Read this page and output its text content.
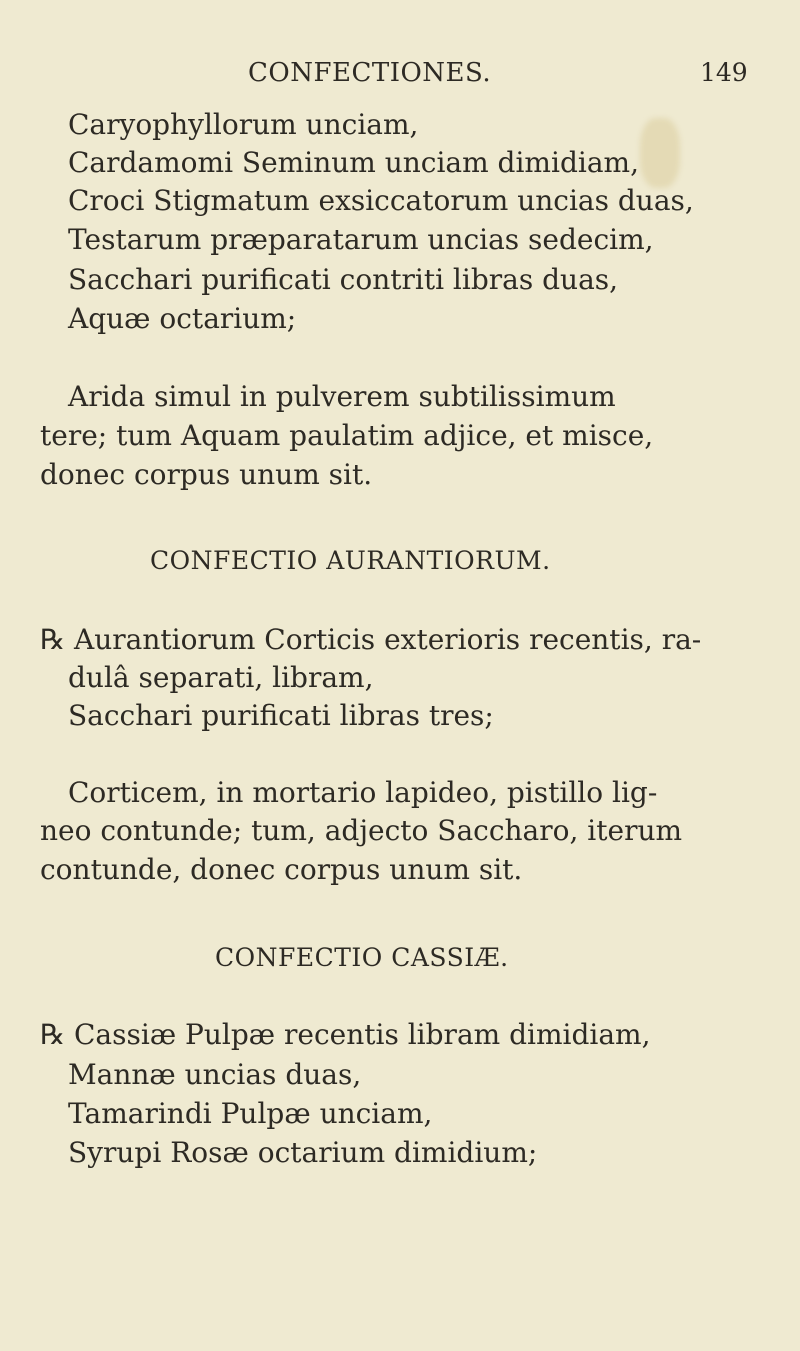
CONFECTIONES.	149
Caryophyllorum unciam,
Cardamomi Seminum unciam dimidiam,
Croci Stigmatum exsiccatorum uncias duas,
Testarum præparatarum uncias sedecim,
Sacchari purificati contriti libras duas,
Aquæ octarium;
Arida simul in pulverem subtilissimum
tere; tum Aquam paulatim adjice, et misce,
donec corpus unum sit.
CONFECTIO AURANTIORUM.
℞ Aurantiorum Corticis exterioris recentis, ra-
dulâ separati, libram,
Sacchari purificati libras tres;
Corticem, in mortario lapideo, pistillo lig-
neo contunde; tum, adjecto Saccharo, iterum
contunde, donec corpus unum sit.
CONFECTIO CASSIÆ.
℞ Cassiæ Pulpæ recentis libram dimidiam,
Mannæ uncias duas,
Tamarindi Pulpæ unciam,
Syrupi Rosæ octarium dimidium;
